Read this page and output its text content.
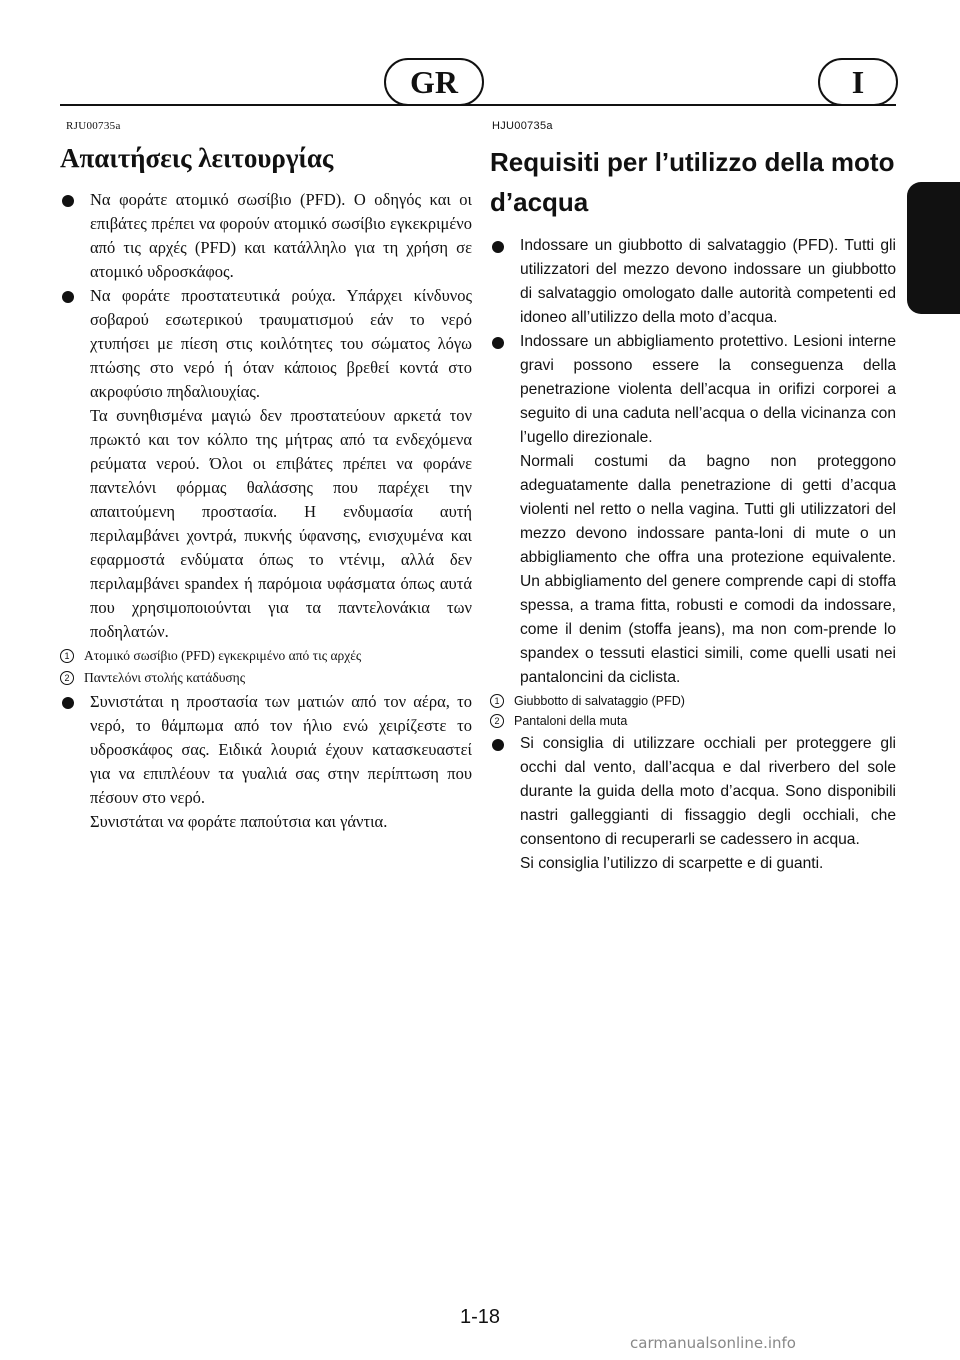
GR	I
RJU00735a
Απαιτήσεις λειτουργίας

Να φοράτε ατομικό σωσίβιο (PFD). Ο οδηγός και οι επιβάτες πρέπει να φορούν ατομικό σωσίβιο εγκεκριμένο από τις αρχές (PFD) και κατάλληλο για τη χρήση σε ατομικό υδροσκάφος.

Να φοράτε προστατευτικά ρούχα. Υπάρχει κίνδυνος σοβαρού εσωτερικού τραυματισμού εάν το νερό χτυπήσει με πίεση στις κοιλότητες του σώματος λόγω πτώσης στο νερό ή όταν κάποιος βρεθεί κοντά στο ακροφύσιο πηδαλιουχίας.

Τα συνηθισμένα μαγιώ δεν προστατεύουν αρκετά τον πρωκτό και τον κόλπο της μήτρας από τα ενδεχόμενα ρεύματα νερού. Όλοι οι επιβάτες πρέπει να φοράνε παντελόνι φόρμας θαλάσσης που παρέχει την απαιτούμενη προστασία. Η ενδυμασία αυτή περιλαμβάνει χοντρά, πυκνής ύφανσης, ενισχυμένα και εφαρμοστά ενδύματα όπως το ντένιμ, αλλά δεν περιλαμβάνει spandex ή παρόμοια υφάσματα όπως αυτά που χρησιμοποιούνται για τα παντελονάκια των ποδηλατών.

1	Ατομικό σωσίβιο (PFD) εγκεκριμένο από τις αρχές
2	Παντελόνι στολής κατάδυσης

Συνιστάται η προστασία των ματιών από τον αέρα, το νερό, το θάμπωμα από τον ήλιο ενώ χειρίζεστε το υδροσκάφος σας. Ειδικά λουριά έχουν κατασκευαστεί για να επιπλέουν τα γυαλιά σας στην περίπτωση που πέσουν στο νερό.

Συνιστάται να φοράτε παπούτσια και γάντια.

HJU00735a
Requisiti per l’utilizzo della moto d’acqua

Indossare un giubbotto di salvataggio (PFD). Tutti gli utilizzatori del mezzo devono indossare un giubbotto di salvataggio omologato dalle autorità competenti ed idoneo all’utilizzo della moto d’acqua.

Indossare un abbigliamento protettivo. Lesioni interne gravi possono essere la conseguenza della penetrazione violenta dell’acqua in orifizi corporei a seguito di una caduta nell’acqua o della vicinanza con l’ugello direzionale.

Normali costumi da bagno non proteggono adeguatamente dalla penetrazione di getti d’acqua violenti nel retto o nella vagina. Tutti gli utilizzatori del mezzo devono indossare panta-loni di mute o un abbigliamento che offra una protezione equivalente. Un abbigliamento del genere comprende capi di stoffa spessa, a trama fitta, robusti e comodi da indossare, come il denim (stoffa jeans), ma non com-prende lo spandex o tessuti elastici simili, come quelli usati nei pantaloncini da ciclista.

1	Giubbotto di salvataggio (PFD)
2	Pantaloni della muta

Si consiglia di utilizzare occhiali per proteggere gli occhi dal vento, dall’acqua e dal riverbero del sole durante la guida della moto d’acqua. Sono disponibili nastri galleggianti di fissaggio degli occhiali, che consentono di recuperarli se cadessero in acqua.

Si consiglia l’utilizzo di scarpette e di guanti.

1-18
carmanualsonline.info
